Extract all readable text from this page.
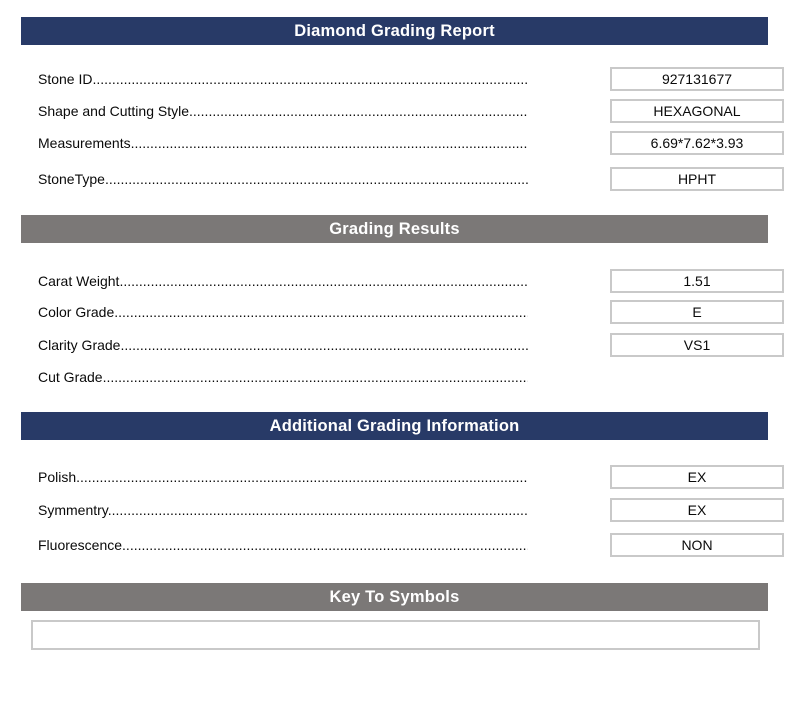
Diamond Grading Report
Grading Results
Additional Grading Information
Key To Symbols
Stone ID .....	927131677
Shape and Cutting Style .....	HEXAGONAL
Measurements .....	6.69*7.62*3.93
StoneType .....	HPHT
Carat Weight .....	1.51
Color Grade .....	E
Clarity Grade .....	VS1
Cut Grade .....
Polish .....	EX
Symmentry .....	EX
Fluorescence .....	NON
